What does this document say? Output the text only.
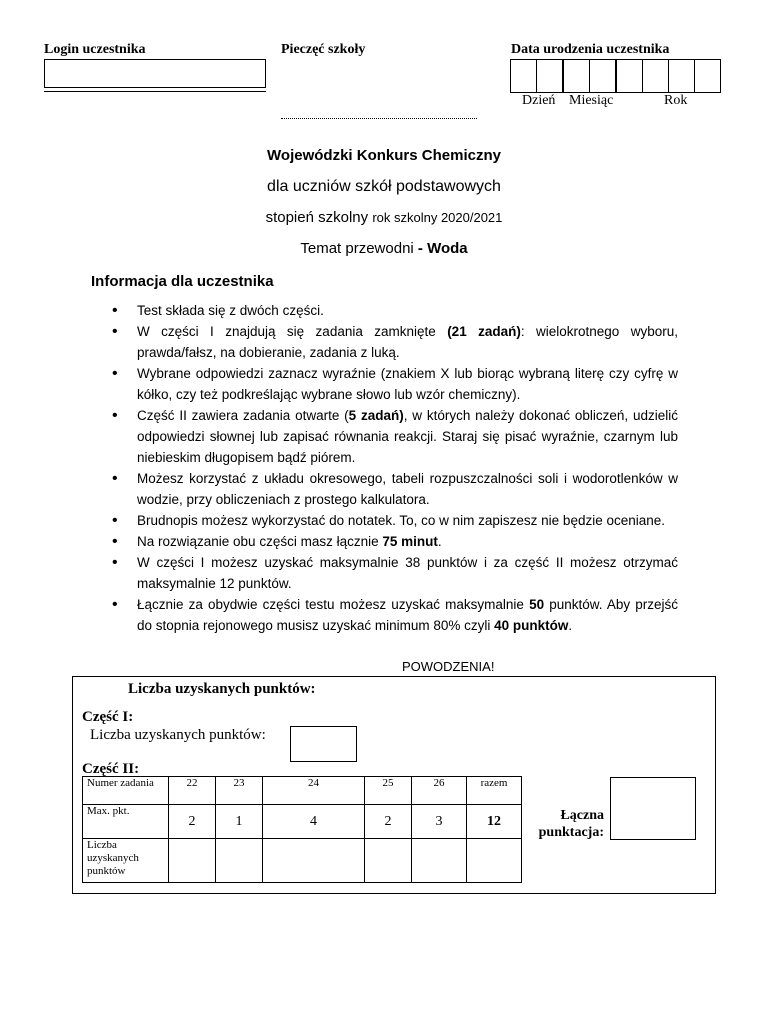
Login uczestnika	Pieczęć szkoły	Data urodzenia uczestnika
Dzień Miesiąc	Rok
Wojewódzki Konkurs Chemiczny
dla uczniów szkół podstawowych
stopień szkolny rok szkolny 2020/2021
Temat przewodni - Woda
Informacja dla uczestnika
• Test składa się z dwóch części.
• W części I znajdują się zadania zamknięte (21 zadań): wielokrotnego wyboru, prawda/fałsz, na dobieranie, zadania z luką.
• Wybrane odpowiedzi zaznacz wyraźnie (znakiem X lub biorąc wybraną literę czy cyfrę w kółko, czy też podkreślając wybrane słowo lub wzór chemiczny).
• Część II zawiera zadania otwarte (5 zadań), w których należy dokonać obliczeń, udzielić odpowiedzi słownej lub zapisać równania reakcji. Staraj się pisać wyraźnie, czarnym lub niebieskim długopisem bądź piórem.
• Możesz korzystać z układu okresowego, tabeli rozpuszczalności soli i wodorotlenków w wodzie, przy obliczeniach z prostego kalkulatora.
• Brudnopis możesz wykorzystać do notatek. To, co w nim zapiszesz nie będzie oceniane.
• Na rozwiązanie obu części masz łącznie 75 minut.
• W części I możesz uzyskać maksymalnie 38 punktów i za część II możesz otrzymać maksymalnie 12 punktów.
• Łącznie za obydwie części testu możesz uzyskać maksymalnie 50 punktów. Aby przejść do stopnia rejonowego musisz uzyskać minimum 80% czyli 40 punktów.
POWODZENIA!
Liczba uzyskanych punktów:
Część I:
Liczba uzyskanych punktów:
Część II:
Numer zadania	22	23	24	25	26	razem
Max. pkt.	2	1	4	2	3	12
Liczba uzyskanych punktów						
Łączna punktacja:
